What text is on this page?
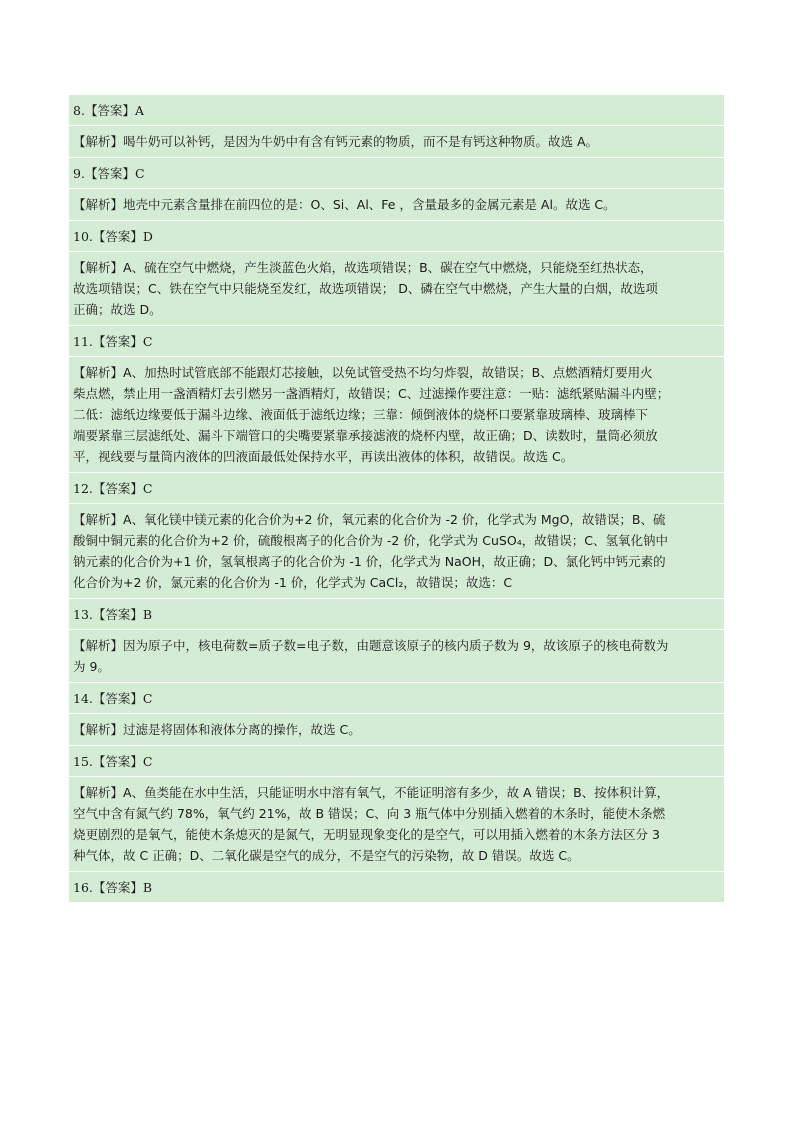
8.【答案】A
【解析】喝牛奶可以补钙，是因为牛奶中有含有钙元素的物质，而不是有钙这种物质。故选 A。
9.【答案】C
【解析】地壳中元素含量排在前四位的是：O、Si、Al、Fe ，含量最多的金属元素是 Al。故选 C。
10.【答案】D
【解析】A、硫在空气中燃烧，产生淡蓝色火焰，故选项错误；B、碳在空气中燃烧，只能烧至红热状态，
故选项错误；C、铁在空气中只能烧至发红，故选项错误； D、磷在空气中燃烧，产生大量的白烟，故选项
正确；故选 D。
11.【答案】C
【解析】A、加热时试管底部不能跟灯芯接触，以免试管受热不均匀炸裂，故错误；B、点燃酒精灯要用火
柴点燃，禁止用一盏酒精灯去引燃另一盏酒精灯，故错误；C、过滤操作要注意：一贴：滤纸紧贴漏斗内壁；
二低：滤纸边缘要低于漏斗边缘、液面低于滤纸边缘；三靠：倾倒液体的烧杯口要紧靠玻璃棒、玻璃棒下
端要紧靠三层滤纸处、漏斗下端管口的尖嘴要紧靠承接滤液的烧杯内壁，故正确；D、读数时，量筒必须放
平，视线要与量筒内液体的凹液面最低处保持水平，再读出液体的体积，故错误。故选 C。
12.【答案】C
【解析】A、氧化镁中镁元素的化合价为+2 价，氧元素的化合价为 -2 价，化学式为 MgO，故错误；B、硫
酸铜中铜元素的化合价为+2 价，硫酸根离子的化合价为 -2 价，化学式为 CuSO₄，故错误；C、氢氧化钠中
钠元素的化合价为+1 价，氢氧根离子的化合价为 -1 价，化学式为 NaOH，故正确；D、氯化钙中钙元素的
化合价为+2 价，氯元素的化合价为 -1 价，化学式为 CaCl₂，故错误；故选：C
13.【答案】B
【解析】因为原子中，核电荷数=质子数=电子数，由题意该原子的核内质子数为 9，故该原子的核电荷数为
为 9。
14.【答案】C
【解析】过滤是将固体和液体分离的操作，故选 C。
15.【答案】C
【解析】A、鱼类能在水中生活，只能证明水中溶有氧气，不能证明溶有多少，故 A 错误；B、按体积计算，
空气中含有氮气约 78%，氧气约 21%，故 B 错误；C、向 3 瓶气体中分别插入燃着的木条时，能使木条燃
烧更剧烈的是氧气，能使木条熄灭的是氮气，无明显现象变化的是空气，可以用插入燃着的木条方法区分 3
种气体，故 C 正确；D、二氧化碳是空气的成分，不是空气的污染物，故 D 错误。故选 C。
16.【答案】B
